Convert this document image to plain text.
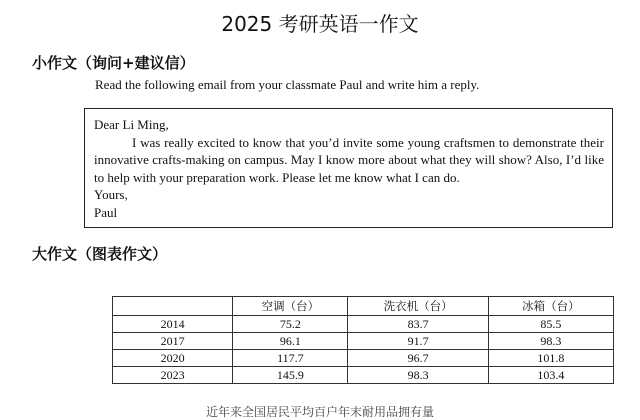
2025 考研英语一作文
小作文（询问+建议信）
Read the following email from your classmate Paul and write him a reply.
Dear Li Ming,
I was really excited to know that you’d invite some young craftsmen to demonstrate their innovative crafts-making on campus. May I know more about what they will show? Also, I’d like to help with your preparation work. Please let me know what I can do.
Yours,
Paul
大作文（图表作文）
	空调（台）	洗衣机（台）	冰箱（台）
2014	75.2	83.7	85.5
2017	96.1	91.7	98.3
2020	117.7	96.7	101.8
2023	145.9	98.3	103.4
近年来全国居民平均百户年末耐用品拥有量
